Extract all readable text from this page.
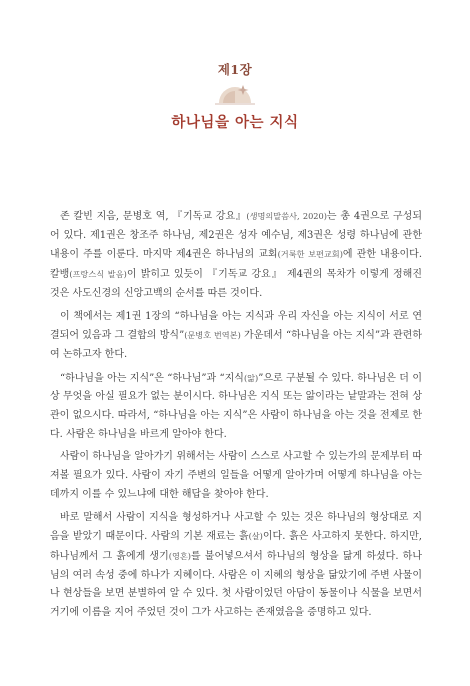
제1장
하나님을 아는 지식

존 칼빈 지음, 문병호 역, 『기독교 강요』(생명의말씀사, 2020)는 총 4권으로 구성되어 있다. 제1권은 창조주 하나님, 제2권은 성자 예수님, 제3권은 성령 하나님에 관한 내용이 주를 이룬다. 마지막 제4권은 하나님의 교회(거룩한 보편교회)에 관한 내용이다. 칼뱅(프랑스식 발음)이 밝히고 있듯이 『기독교 강요』 제4권의 목차가 이렇게 정해진 것은 사도신경의 신앙고백의 순서를 따른 것이다.

이 책에서는 제1권 1장의 “하나님을 아는 지식과 우리 자신을 아는 지식이 서로 연결되어 있음과 그 결합의 방식”(문병호 번역본) 가운데서 “하나님을 아는 지식”과 관련하여 논하고자 한다.

“하나님을 아는 지식”은 “하나님”과 “지식(앎)”으로 구분될 수 있다. 하나님은 더 이상 무엇을 아실 필요가 없는 분이시다. 하나님은 지식 또는 앎이라는 낱말과는 전혀 상관이 없으시다. 따라서, “하나님을 아는 지식”은 사람이 하나님을 아는 것을 전제로 한다. 사람은 하나님을 바르게 알아야 한다.

사람이 하나님을 알아가기 위해서는 사람이 스스로 사고할 수 있는가의 문제부터 따져볼 필요가 있다. 사람이 자기 주변의 일들을 어떻게 알아가며 어떻게 하나님을 아는 데까지 이를 수 있느냐에 대한 해답을 찾아야 한다.

바로 말해서 사람이 지식을 형성하거나 사고할 수 있는 것은 하나님의 형상대로 지음을 받았기 때문이다. 사람의 기본 재료는 흙(살)이다. 흙은 사고하지 못한다. 하지만, 하나님께서 그 흙에게 생기(영혼)를 불어넣으셔서 하나님의 형상을 닮게 하셨다. 하나님의 여러 속성 중에 하나가 지혜이다. 사람은 이 지혜의 형상을 닮았기에 주변 사물이나 현상들을 보면 분별하여 알 수 있다. 첫 사람이었던 아담이 동물이나 식물을 보면서 거기에 이름을 지어 주었던 것이 그가 사고하는 존재였음을 증명하고 있다.
